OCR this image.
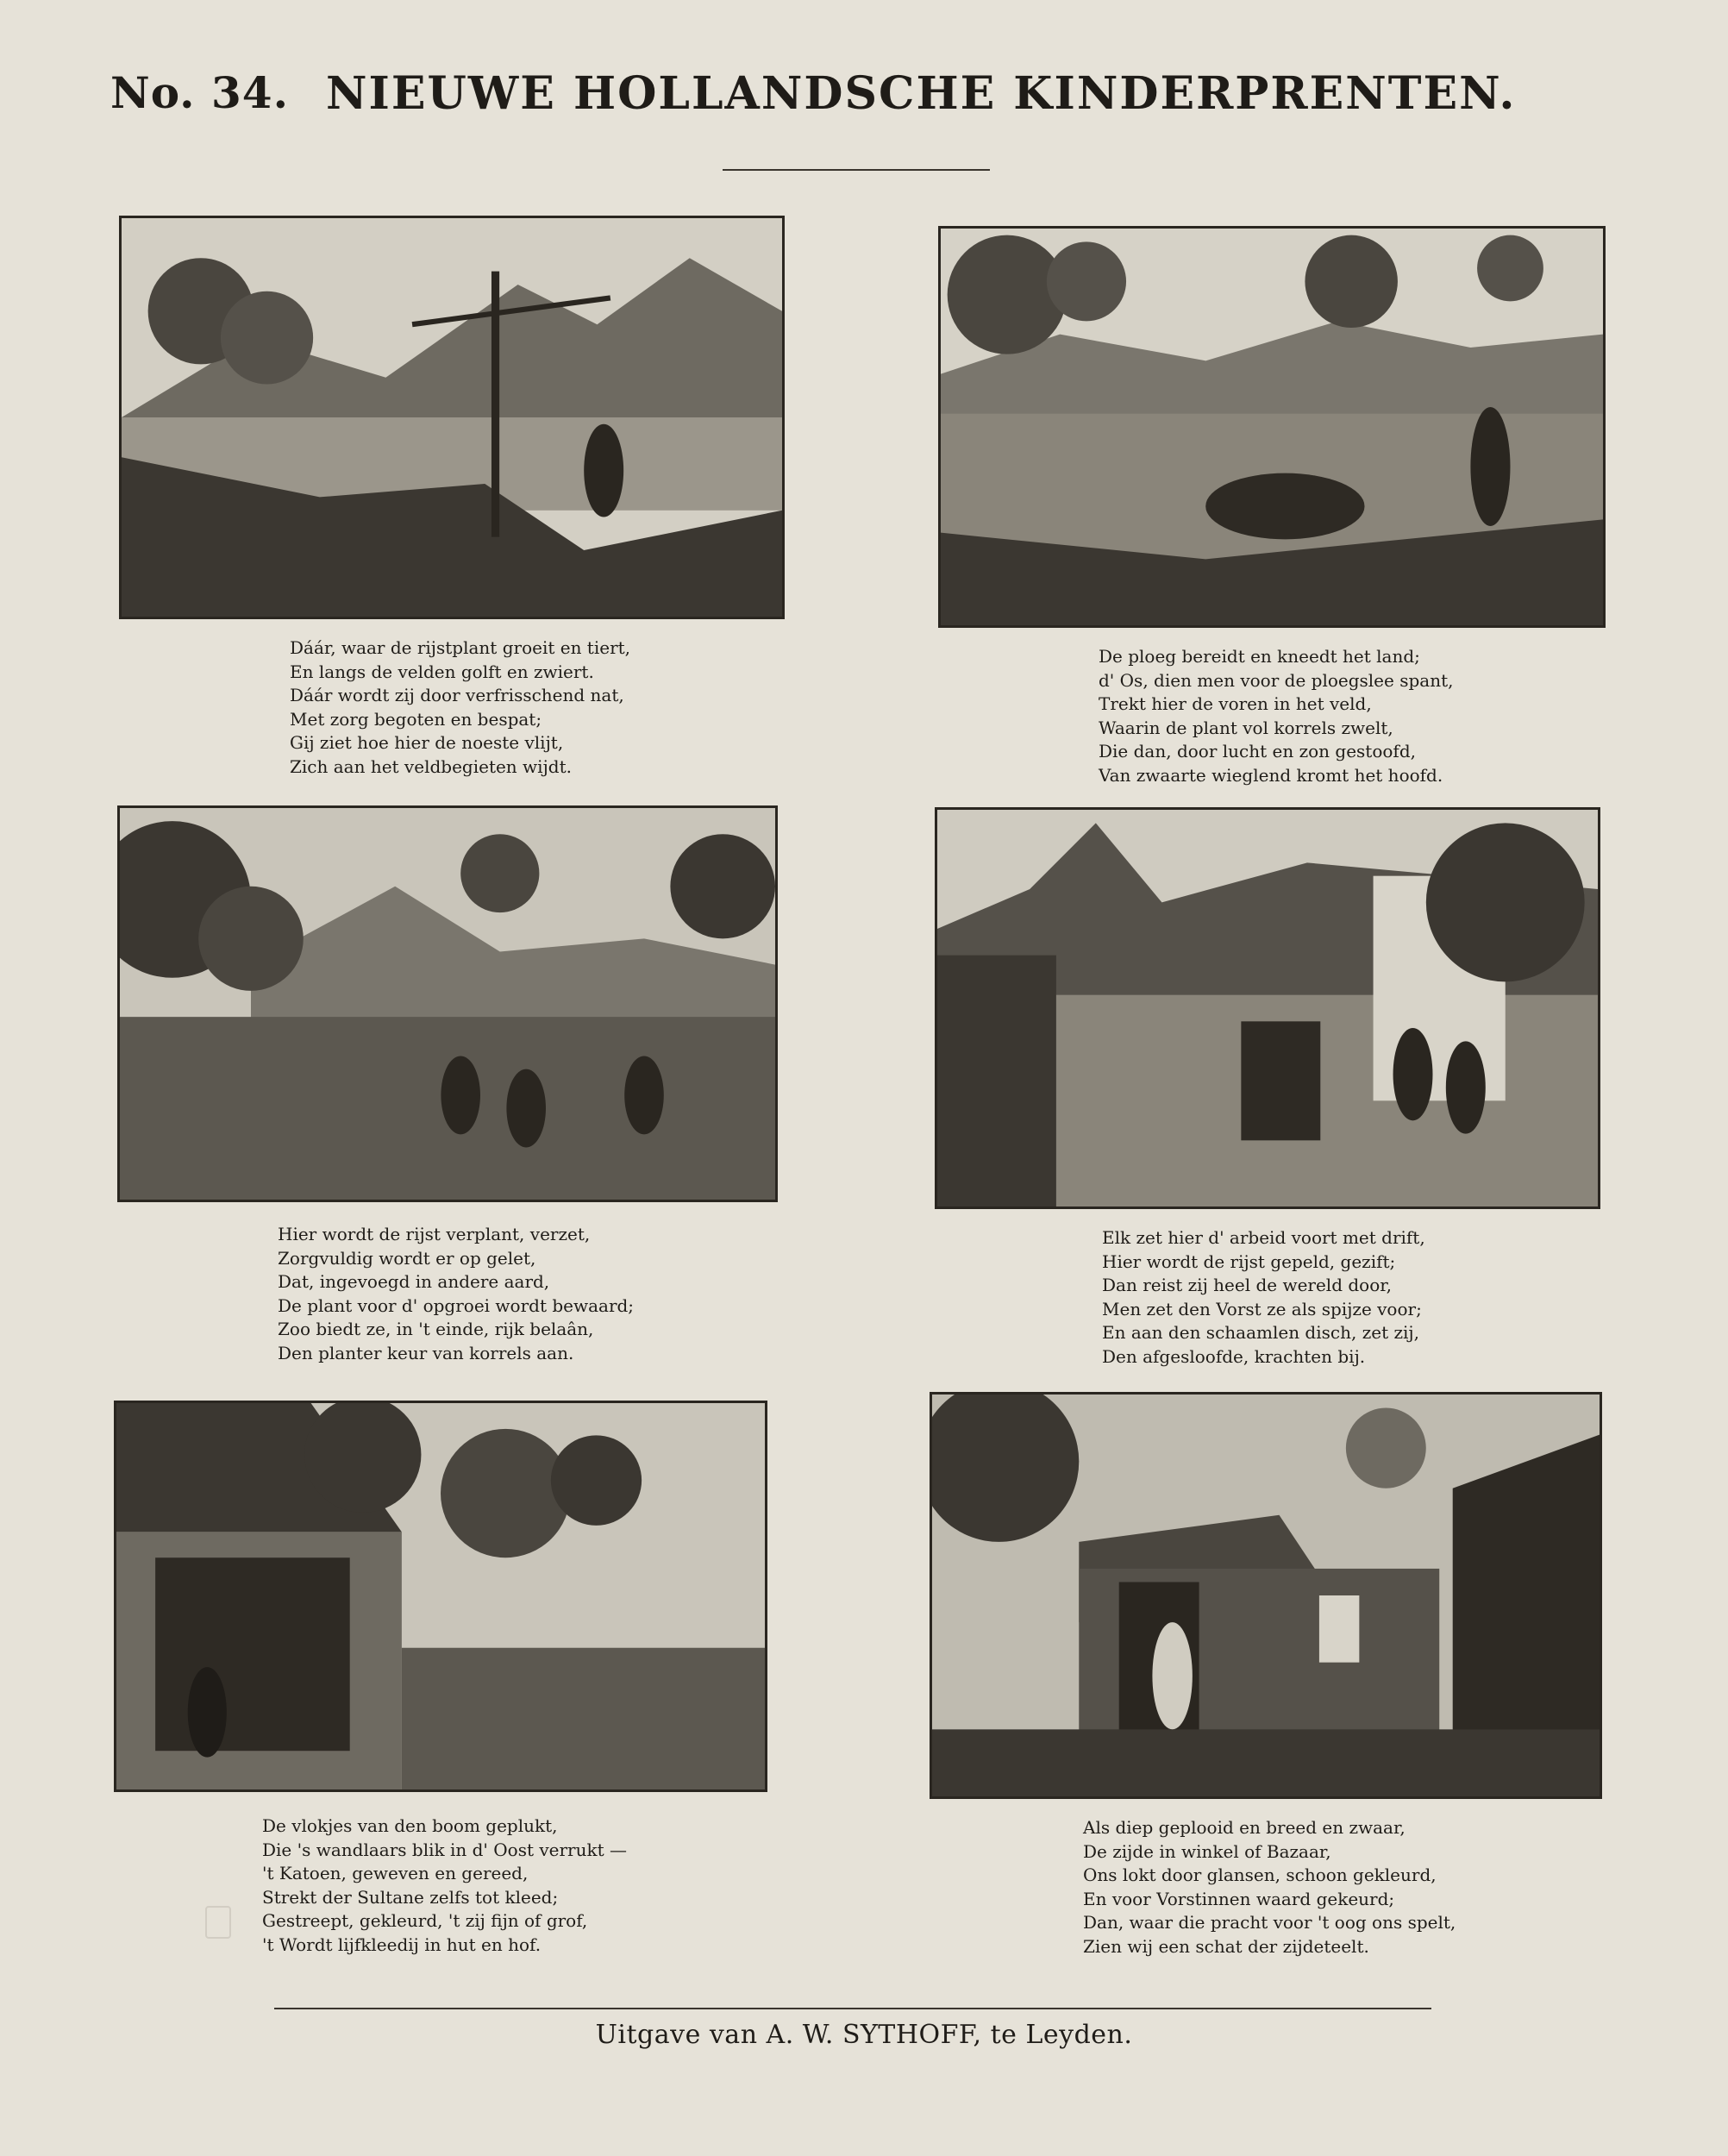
No. 34. NIEUWE HOLLANDSCHE KINDERPRENTEN.
Dáár, waar de rijstplant groeit en tiert,
En langs de velden golft en zwiert.
Dáár wordt zij door verfrisschend nat,
Met zorg begoten en bespat;
Gij ziet hoe hier de noeste vlijt,
Zich aan het veldbegieten wijdt.
De ploeg bereidt en kneedt het land;
d' Os, dien men voor de ploegslee spant,
Trekt hier de voren in het veld,
Waarin de plant vol korrels zwelt,
Die dan, door lucht en zon gestoofd,
Van zwaarte wieglend kromt het hoofd.
Hier wordt de rijst verplant, verzet,
Zorgvuldig wordt er op gelet,
Dat, ingevoegd in andere aard,
De plant voor d' opgroei wordt bewaard;
Zoo biedt ze, in 't einde, rijk belaân,
Den planter keur van korrels aan.
Elk zet hier d' arbeid voort met drift,
Hier wordt de rijst gepeld, gezift;
Dan reist zij heel de wereld door,
Men zet den Vorst ze als spijze voor;
En aan den schaamlen disch, zet zij,
Den afgesloofde, krachten bij.
De vlokjes van den boom geplukt,
Die 's wandlaars blik in d' Oost verrukt —
't Katoen, geweven en gereed,
Strekt der Sultane zelfs tot kleed;
Gestreept, gekleurd, 't zij fijn of grof,
't Wordt lijfkleedij in hut en hof.
Als diep geplooid en breed en zwaar,
De zijde in winkel of Bazaar,
Ons lokt door glansen, schoon gekleurd,
En voor Vorstinnen waard gekeurd;
Dan, waar die pracht voor 't oog ons spelt,
Zien wij een schat der zijdeteelt.
Uitgave van A. W. SYTHOFF, te Leyden.
